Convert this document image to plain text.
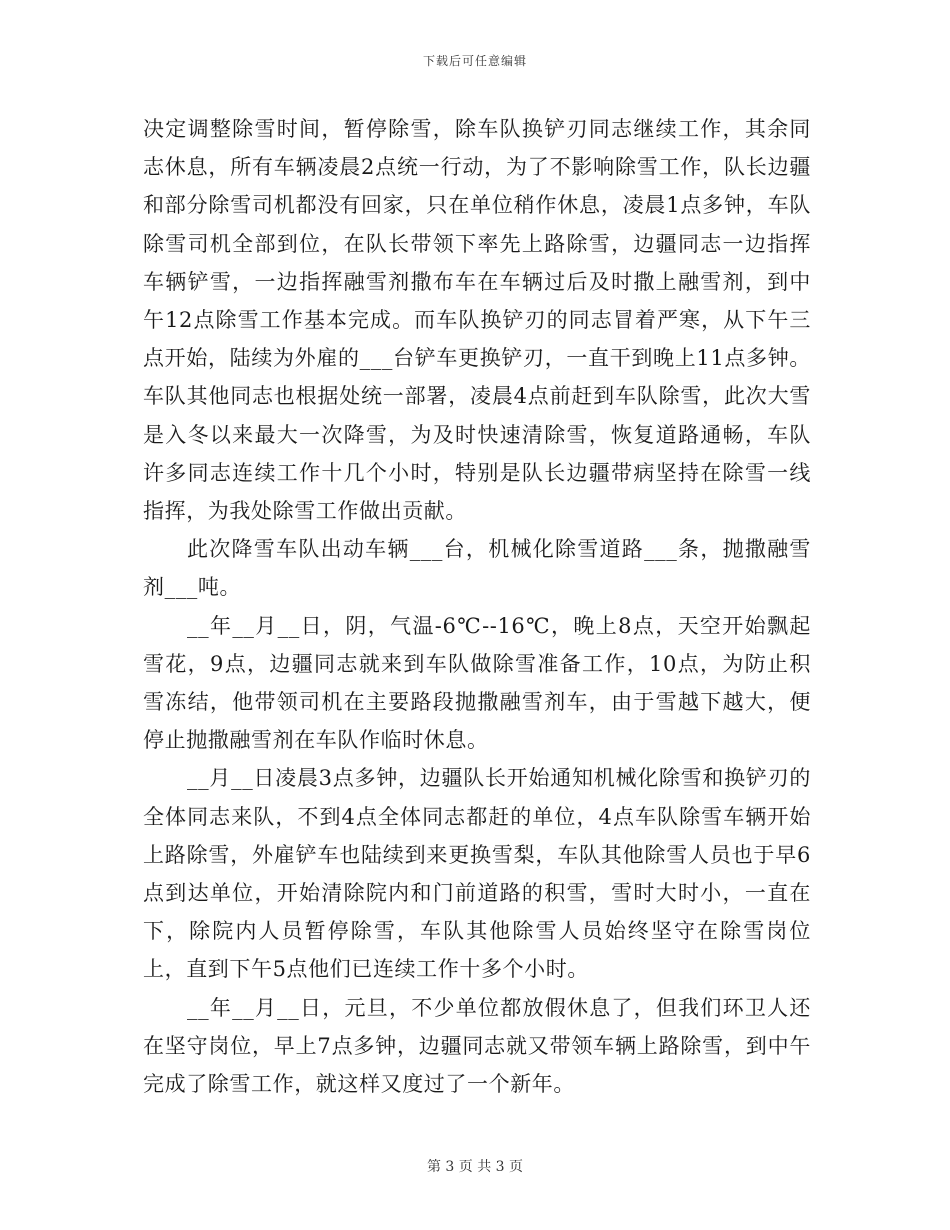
下载后可任意编辑

决定调整除雪时间，暂停除雪，除车队换铲刃同志继续工作，其余同志休息，所有车辆凌晨2点统一行动，为了不影响除雪工作，队长边疆和部分除雪司机都没有回家，只在单位稍作休息，凌晨1点多钟，车队除雪司机全部到位，在队长带领下率先上路除雪，边疆同志一边指挥车辆铲雪，一边指挥融雪剂撒布车在车辆过后及时撒上融雪剂，到中午12点除雪工作基本完成。而车队换铲刃的同志冒着严寒，从下午三点开始，陆续为外雇的___台铲车更换铲刃，一直干到晚上11点多钟。车队其他同志也根据处统一部署，凌晨4点前赶到车队除雪，此次大雪是入冬以来最大一次降雪，为及时快速清除雪，恢复道路通畅，车队许多同志连续工作十几个小时，特别是队长边疆带病坚持在除雪一线指挥，为我处除雪工作做出贡献。

此次降雪车队出动车辆___台，机械化除雪道路___条，抛撒融雪剂___吨。

__年__月__日，阴，气温-6℃--16℃，晚上8点，天空开始飘起雪花，9点，边疆同志就来到车队做除雪准备工作，10点，为防止积雪冻结，他带领司机在主要路段抛撒融雪剂车，由于雪越下越大，便停止抛撒融雪剂在车队作临时休息。

__月__日凌晨3点多钟，边疆队长开始通知机械化除雪和换铲刃的全体同志来队，不到4点全体同志都赶的单位，4点车队除雪车辆开始上路除雪，外雇铲车也陆续到来更换雪梨，车队其他除雪人员也于早6点到达单位，开始清除院内和门前道路的积雪，雪时大时小，一直在下，除院内人员暂停除雪，车队其他除雪人员始终坚守在除雪岗位上，直到下午5点他们已连续工作十多个小时。

__年__月__日，元旦，不少单位都放假休息了，但我们环卫人还在坚守岗位，早上7点多钟，边疆同志就又带领车辆上路除雪，到中午完成了除雪工作，就这样又度过了一个新年。

第 3 页 共 3 页
